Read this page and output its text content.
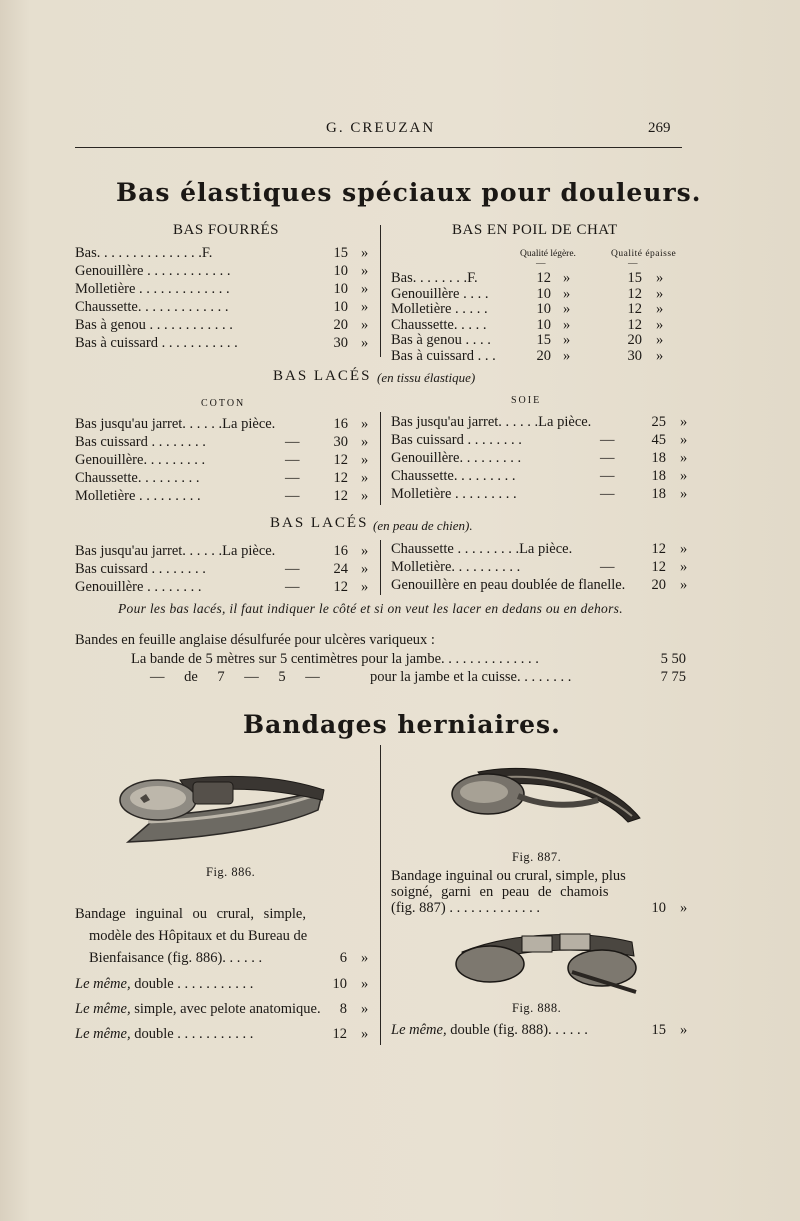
G. CREUZAN	269
Bas élastiques spéciaux pour douleurs.
BAS FOURRÉS
Bas. . . . . . . . . . . . . . .F.	15 »
Genouillère . . . . . . . . . . . .	10 »
Molletière . . . . . . . . . . . . .	10 »
Chaussette. . . . . . . . . . . . .	10 »
Bas à genou . . . . . . . . . . . .	20 »
Bas à cuissard . . . . . . . . . . .	30 »
BAS EN POIL DE CHAT
Qualité légère.	Qualité épaisse
—	—
Bas. . . . . . . .F.	12 »	15 »
Genouillère . . . .	10 »	12 »
Molletière . . . . .	10 »	12 »
Chaussette. . . . .	10 »	12 »
Bas à genou . . . .	15 »	20 »
Bas à cuissard . . .	20 »	30 »
BAS LACÉS (en tissu élastique)
COTON	SOIE
Bas jusqu'au jarret. . . . . .La pièce.	16 »
Bas cuissard . . . . . . . .	—	30 »
Genouillère. . . . . . . . .	—	12 »
Chaussette. . . . . . . . .	—	12 »
Molletière . . . . . . . . .	—	12 »
Bas jusqu'au jarret. . . . . .La pièce.	25 »
Bas cuissard . . . . . . . .	—	45 »
Genouillère. . . . . . . . .	—	18 »
Chaussette. . . . . . . . .	—	18 »
Molletière . . . . . . . . .	—	18 »
BAS LACÉS (en peau de chien).
Bas jusqu'au jarret. . . . . .La pièce.	16 »
Bas cuissard . . . . . . . .	—	24 »
Genouillère . . . . . . . .	—	12 »
Chaussette . . . . . . . . .La pièce.	12 »
Molletière. . . . . . . . . .	—	12 »
Genouillère en peau doublée de flanelle.	20 »
Pour les bas lacés, il faut indiquer le côté et si on veut les lacer en dedans ou en dehors.
Bandes en feuille anglaise désulfurée pour ulcères variqueux :
La bande de 5 mètres sur 5 centimètres pour la jambe. . . . . . . . . . . . . .	5 50
— de 7 — 5 —	pour la jambe et la cuisse. . . . . . . .	7 75
Bandages herniaires.
Fig. 886.
Bandage inguinal ou crural, simple,
modèle des Hôpitaux et du Bureau de
Bienfaisance (fig. 886). . . . . .	6 »
Le même, double . . . . . . . . . . .	10 »
Le même, simple, avec pelote anatomique.	8 »
Le même, double . . . . . . . . . . .	12 »
Fig. 887.
Bandage inguinal ou crural, simple, plus
soigné, garni en peau de chamois
(fig. 887) . . . . . . . . . . . . .	10 »
Fig. 888.
Le même, double (fig. 888). . . . . .	15 »
